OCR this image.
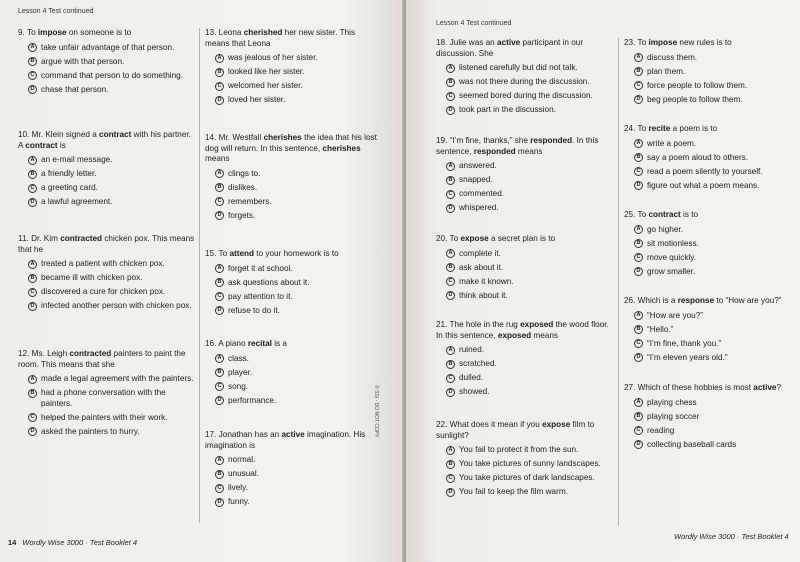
Lesson 4 Test continued
9. To impose on someone is to
A take unfair advantage of that person.
B argue with that person.
C command that person to do something.
D chase that person.
10. Mr. Klein signed a contract with his partner. A contract is
A an e-mail message.
B a friendly letter.
C a greeting card.
D a lawful agreement.
11. Dr. Kim contracted chicken pox. This means that he
A treated a patient with chicken pox.
B became ill with chicken pox.
C discovered a cure for chicken pox.
D infected another person with chicken pox.
12. Ms. Leigh contracted painters to paint the room. This means that she
A made a legal agreement with the painters.
B had a phone conversation with the painters.
C helped the painters with their work.
D asked the painters to hurry.
13. Leona cherished her new sister. This means that Leona
A was jealous of her sister.
B looked like her sister.
C welcomed her sister.
D loved her sister.
14. Mr. Westfall cherishes the idea that his lost dog will return. In this sentence, cherishes means
A clings to.
B dislikes.
C remembers.
D forgets.
15. To attend to your homework is to
A forget it at school.
B ask questions about it.
C pay attention to it.
D refuse to do it.
16. A piano recital is a
A class.
B player.
C song.
D performance.
17. Jonathan has an active imagination. His imagination is
A normal.
B unusual.
C lively.
D funny.
© SSI · DO NOT COPY
14 Wordly Wise 3000 · Test Booklet 4
Lesson 4 Test continued
18. Julie was an active participant in our discussion. She
A listened carefully but did not talk.
B was not there during the discussion.
C seemed bored during the discussion.
D took part in the discussion.
19. “I’m fine, thanks,” she responded. In this sentence, responded means
A answered.
B snapped.
C commented.
D whispered.
20. To expose a secret plan is to
A complete it.
B ask about it.
C make it known.
D think about it.
21. The hole in the rug exposed the wood floor. In this sentence, exposed means
A ruined.
B scratched.
C dulled.
D showed.
22. What does it mean if you expose film to sunlight?
A You fail to protect it from the sun.
B You take pictures of sunny landscapes.
C You take pictures of dark landscapes.
D You fail to keep the film warm.
23. To impose new rules is to
A discuss them.
B plan them.
C force people to follow them.
D beg people to follow them.
24. To recite a poem is to
A write a poem.
B say a poem aloud to others.
C read a poem silently to yourself.
D figure out what a poem means.
25. To contract is to
A go higher.
B sit motionless.
C move quickly.
D grow smaller.
26. Which is a response to “How are you?”
A “How are you?”
B “Hello.”
C “I’m fine, thank you.”
D “I’m eleven years old.”
27. Which of these hobbies is most active?
A playing chess
B playing soccer
C reading
D collecting baseball cards
Wordly Wise 3000 · Test Booklet 4
